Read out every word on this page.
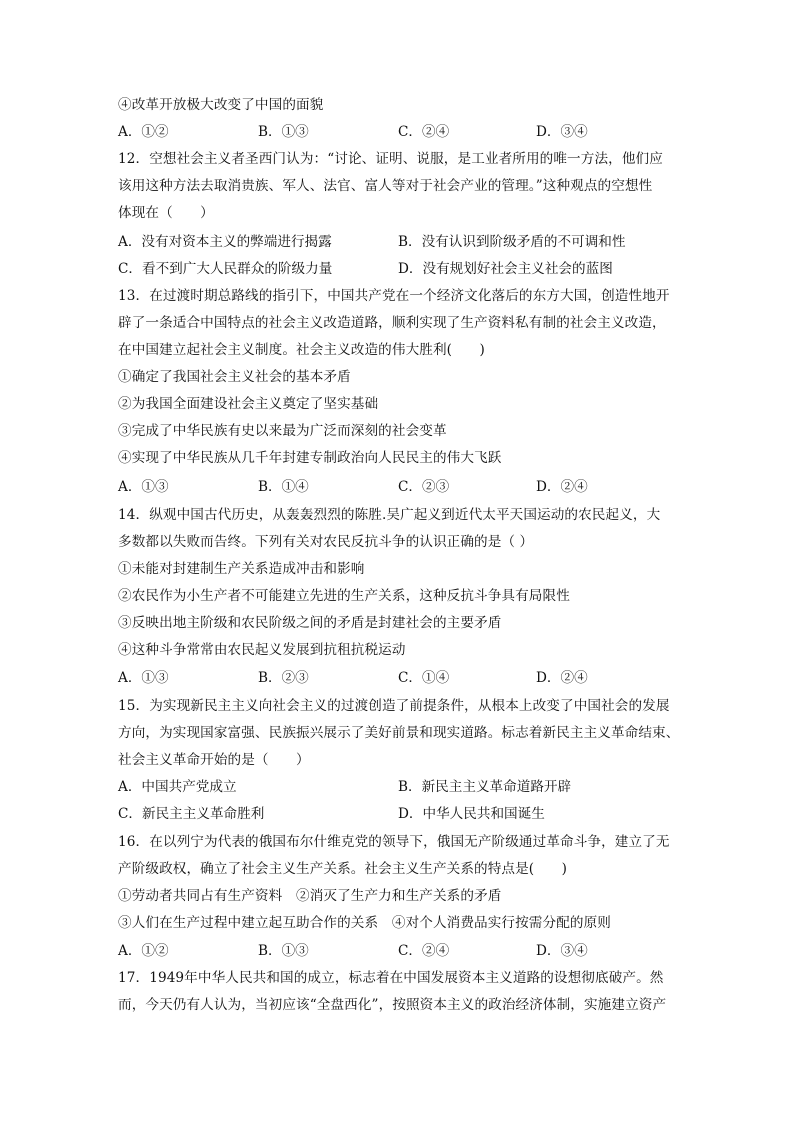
④改革开放极大改变了中国的面貌
A．①②	B．①③	C．②④	D．③④
12．空想社会主义者圣西门认为：“讨论、证明、说服，是工业者所用的唯一方法，他们应
该用这种方法去取消贵族、军人、法官、富人等对于社会产业的管理。”这种观点的空想性
体现在（　　）
A．没有对资本主义的弊端进行揭露	B．没有认识到阶级矛盾的不可调和性
C．看不到广大人民群众的阶级力量	D．没有规划好社会主义社会的蓝图
13．在过渡时期总路线的指引下，中国共产党在一个经济文化落后的东方大国，创造性地开
辟了一条适合中国特点的社会主义改造道路，顺利实现了生产资料私有制的社会主义改造，
在中国建立起社会主义制度。社会主义改造的伟大胜利(　　)
①确定了我国社会主义社会的基本矛盾
②为我国全面建设社会主义奠定了坚实基础
③完成了中华民族有史以来最为广泛而深刻的社会变革
④实现了中华民族从几千年封建专制政治向人民民主的伟大飞跃
A．①③	B．①④	C．②③	D．②④
14．纵观中国古代历史，从轰轰烈烈的陈胜.吴广起义到近代太平天国运动的农民起义，大
多数都以失败而告终。下列有关对农民反抗斗争的认识正确的是（ ）
①未能对封建制生产关系造成冲击和影响
②农民作为小生产者不可能建立先进的生产关系，这种反抗斗争具有局限性
③反映出地主阶级和农民阶级之间的矛盾是封建社会的主要矛盾
④这种斗争常常由农民起义发展到抗租抗税运动
A．①③	B．②③	C．①④	D．②④
15．为实现新民主主义向社会主义的过渡创造了前提条件，从根本上改变了中国社会的发展
方向，为实现国家富强、民族振兴展示了美好前景和现实道路。标志着新民主主义革命结束、
社会主义革命开始的是（　　）
A．中国共产党成立	B．新民主主义革命道路开辟
C．新民主主义革命胜利	D．中华人民共和国诞生
16．在以列宁为代表的俄国布尔什维克党的领导下，俄国无产阶级通过革命斗争，建立了无
产阶级政权，确立了社会主义生产关系。社会主义生产关系的特点是(　　)
①劳动者共同占有生产资料　②消灭了生产力和生产关系的矛盾
③人们在生产过程中建立起互助合作的关系　④对个人消费品实行按需分配的原则
A．①②	B．①③	C．②④	D．③④
17．1949年中华人民共和国的成立，标志着在中国发展资本主义道路的设想彻底破产。然
而，今天仍有人认为，当初应该“全盘西化”，按照资本主义的政治经济体制，实施建立资产
